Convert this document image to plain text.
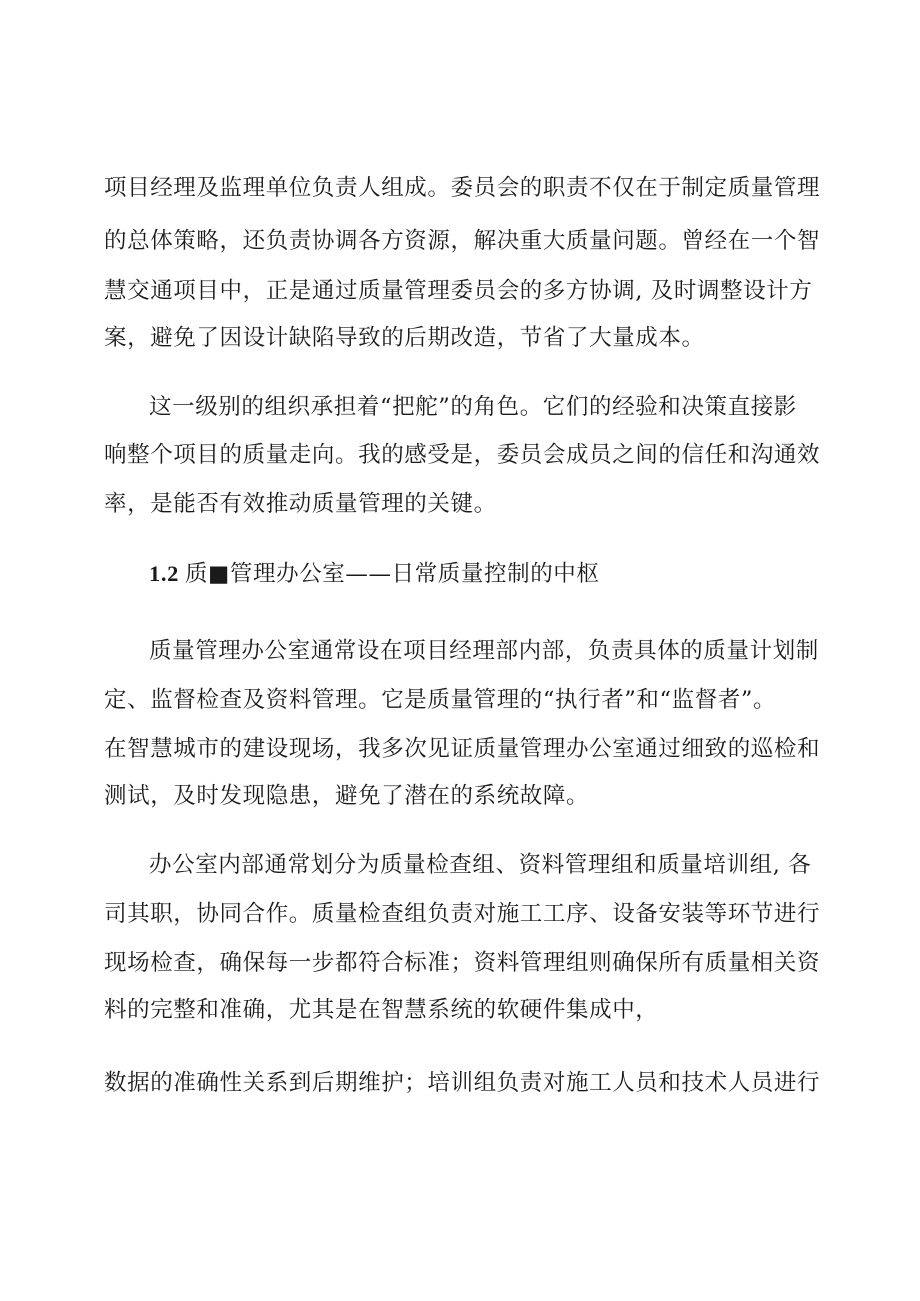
项目经理及监理单位负责人组成。委员会的职责不仅在于制定质量管理

的总体策略，还负责协调各方资源，解决重大质量问题。曾经在一个智

慧交通项目中，正是通过质量管理委员会的多方协调, 及时调整设计方

案，避免了因设计缺陷导致的后期改造，节省了大量成本。

这一级别的组织承担着“把舵”的角色。它们的经验和决策直接影

响整个项目的质量走向。我的感受是，委员会成员之间的信任和沟通效

率，是能否有效推动质量管理的关键。

1.2 质■管理办公室——日常质量控制的中枢

质量管理办公室通常设在项目经理部内部，负责具体的质量计划制

定、监督检查及资料管理。它是质量管理的“执行者”和“监督者”。

在智慧城市的建设现场，我多次见证质量管理办公室通过细致的巡检和

测试，及时发现隐患，避免了潜在的系统故障。

办公室内部通常划分为质量检查组、资料管理组和质量培训组, 各

司其职，协同合作。质量检查组负责对施工工序、设备安装等环节进行

现场检查，确保每一步都符合标准；资料管理组则确保所有质量相关资

料的完整和准确，尤其是在智慧系统的软硬件集成中，

数据的准确性关系到后期维护；培训组负责对施工人员和技术人员进行
